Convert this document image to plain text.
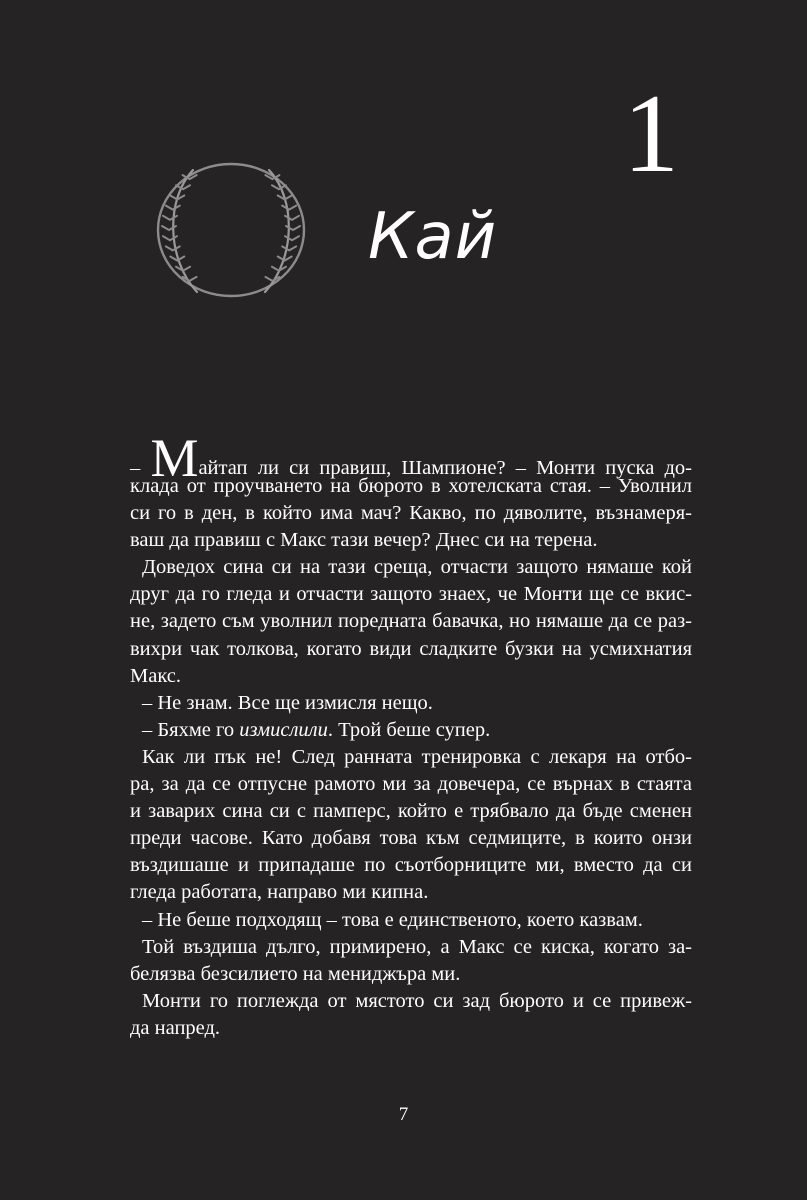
1
Кай
– Майтап ли си правиш, Шампионе? – Монти пуска до-
клада от проучването на бюрото в хотелската стая. – Уволнил
си го в ден, в който има мач? Какво, по дяволите, възнамеря-
ваш да правиш с Макс тази вечер? Днес си на терена.
Доведох сина си на тази среща, отчасти защото нямаше кой
друг да го гледа и отчасти защото знаех, че Монти ще се вкис-
не, задето съм уволнил поредната бавачка, но нямаше да се раз-
вихри чак толкова, когато види сладките бузки на усмихнатия
Макс.
– Не знам. Все ще измисля нещо.
– Бяхме го измислили. Трой беше супер.
Как ли пък не! След ранната тренировка с лекаря на отбо-
ра, за да се отпусне рамото ми за довечера, се върнах в стаята
и заварих сина си с памперс, който е трябвало да бъде сменен
преди часове. Като добавя това към седмиците, в които онзи
въздишаше и припадаше по съотборниците ми, вместо да си
гледа работата, направо ми кипна.
– Не беше подходящ – това е единственото, което казвам.
Той въздиша дълго, примирено, а Макс се киска, когато за-
белязва безсилието на мениджъра ми.
Монти го поглежда от мястото си зад бюрото и се привеж-
да напред.
7
